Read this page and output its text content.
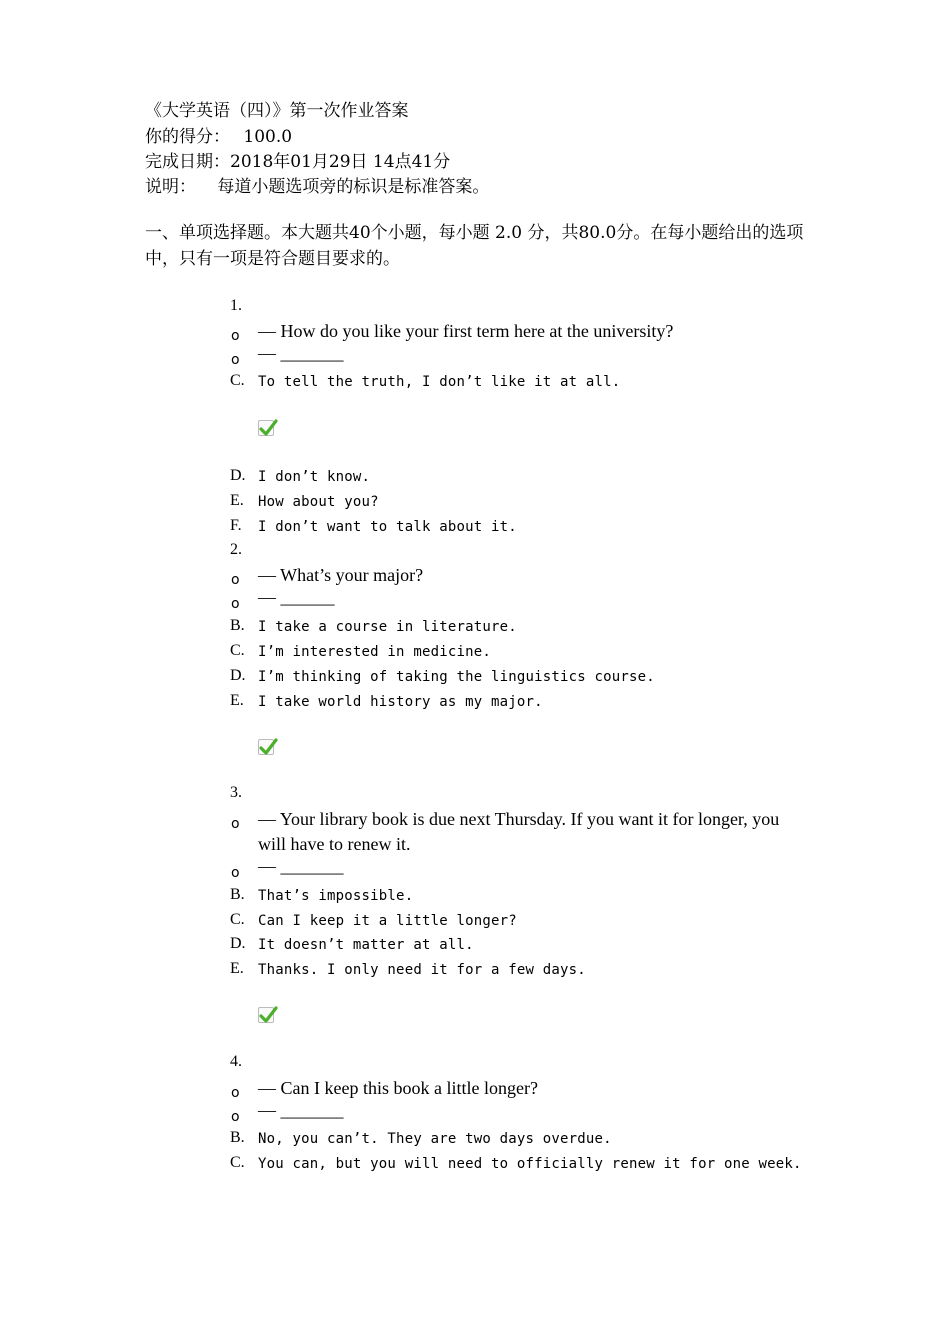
《大学英语（四）》第一次作业答案
你的得分： 100.0
完成日期：2018年01月29日 14点41分
说明： 每道小题选项旁的标识是标准答案。
一、单项选择题。本大题共40个小题，每小题 2.0 分，共80.0分。在每小题给出的选项中，只有一项是符合题目要求的。
1.
o — How do you like your first term here at the university?
o — _______
C. To tell the truth, I don’t like it at all.
D. I don’t know.
E. How about you?
F. I don’t want to talk about it.
2.
o — What’s your major?
o — ______
B. I take a course in literature.
C. I’m interested in medicine.
D. I’m thinking of taking the linguistics course.
E. I take world history as my major.
3.
o — Your library book is due next Thursday. If you want it for longer, you will have to renew it.
o — _______
B. That’s impossible.
C. Can I keep it a little longer?
D. It doesn’t matter at all.
E. Thanks. I only need it for a few days.
4.
o — Can I keep this book a little longer?
o — _______
B. No, you can’t. They are two days overdue.
C. You can, but you will need to officially renew it for one week.
